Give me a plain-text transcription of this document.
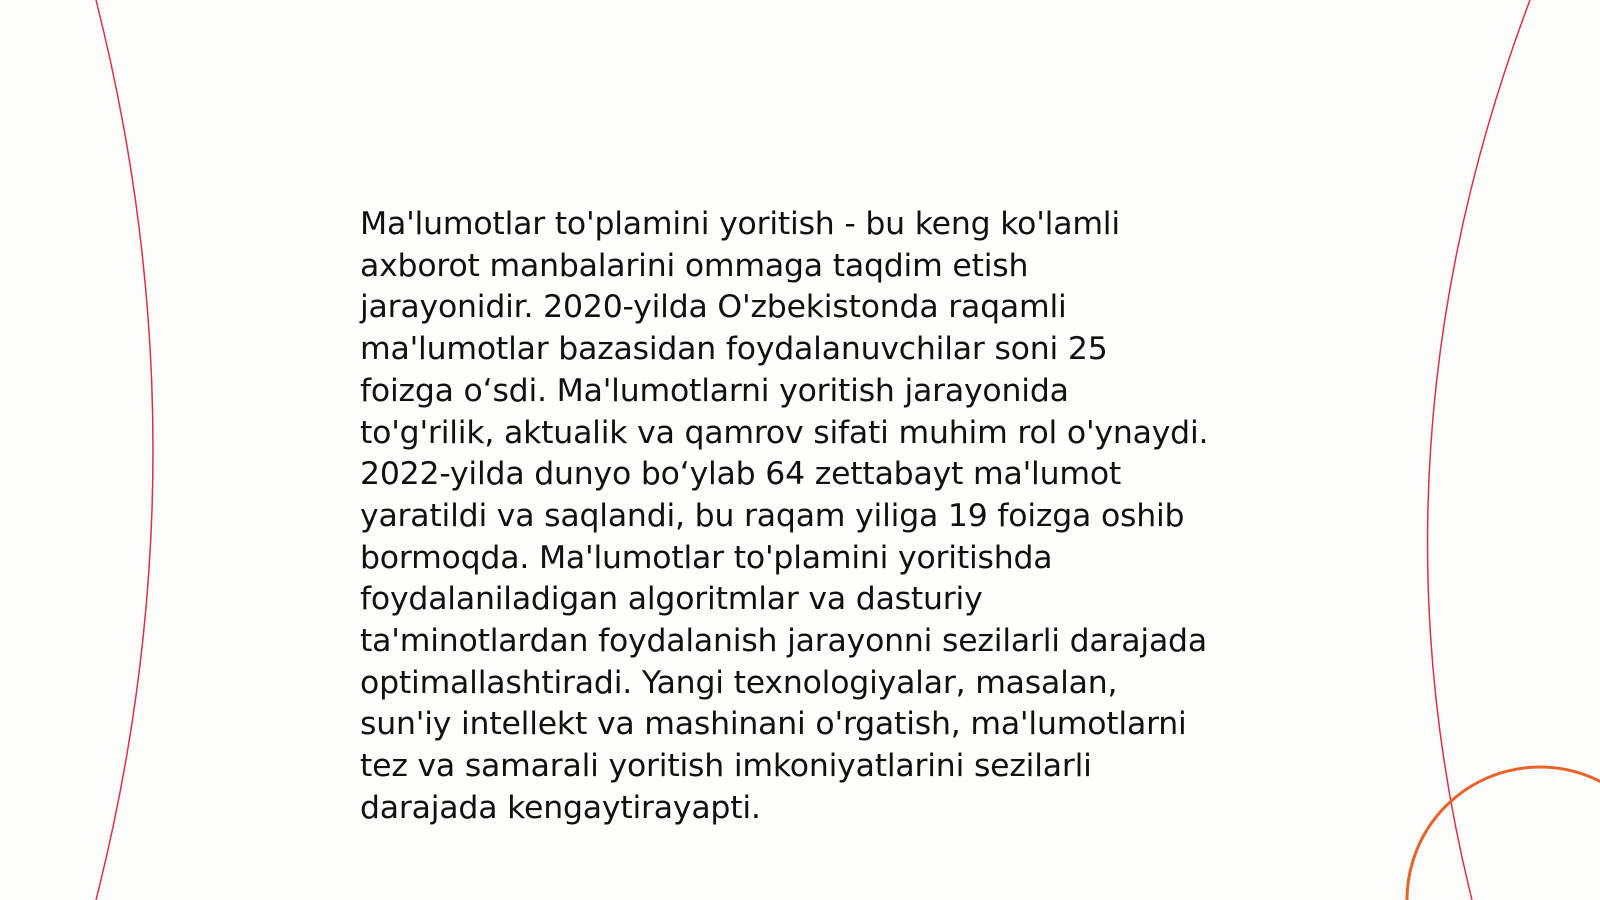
Ma'lumotlar to'plamini yoritish - bu keng ko'lamli
axborot manbalarini ommaga taqdim etish
jarayonidir. 2020-yilda O'zbekistonda raqamli
ma'lumotlar bazasidan foydalanuvchilar soni 25
foizga o‘sdi. Ma'lumotlarni yoritish jarayonida
to'g'rilik, aktualik va qamrov sifati muhim rol o'ynaydi.
2022-yilda dunyo bo‘ylab 64 zettabayt ma'lumot
yaratildi va saqlandi, bu raqam yiliga 19 foizga oshib
bormoqda. Ma'lumotlar to'plamini yoritishda
foydalaniladigan algoritmlar va dasturiy
ta'minotlardan foydalanish jarayonni sezilarli darajada
optimallashtiradi. Yangi texnologiyalar, masalan,
sun'iy intellekt va mashinani o'rgatish, ma'lumotlarni
tez va samarali yoritish imkoniyatlarini sezilarli
darajada kengaytirayapti.
